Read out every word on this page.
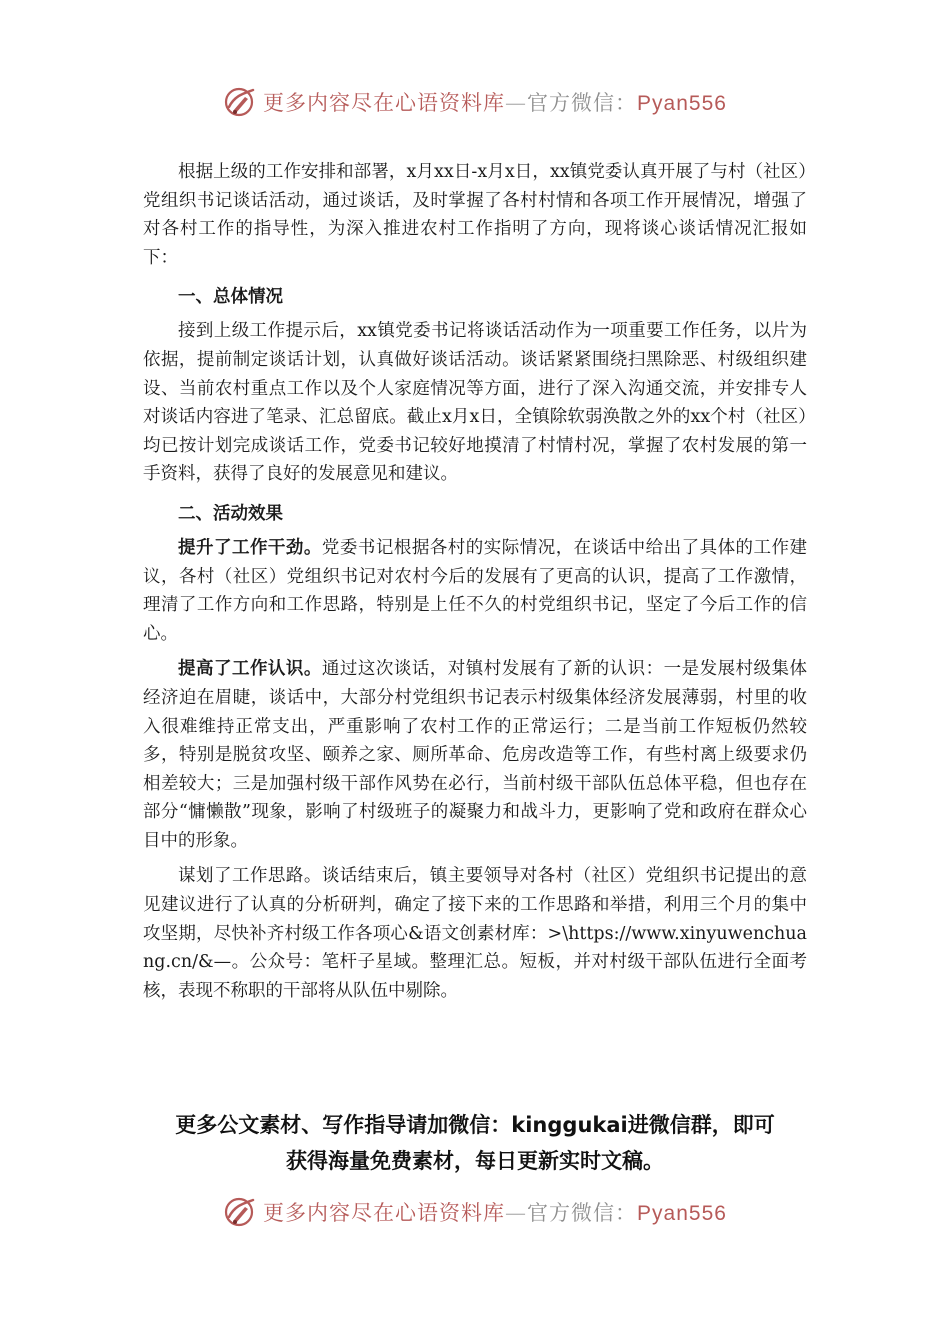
更多内容尽在心语资料库—官方微信：Pyan556

根据上级的工作安排和部署，x月xx日-x月x日，xx镇党委认真开展了与村（社区）党组织书记谈话活动，通过谈话，及时掌握了各村村情和各项工作开展情况，增强了对各村工作的指导性，为深入推进农村工作指明了方向，现将谈心谈话情况汇报如下：

一、总体情况

接到上级工作提示后，xx镇党委书记将谈话活动作为一项重要工作任务，以片为依据，提前制定谈话计划，认真做好谈话活动。谈话紧紧围绕扫黑除恶、村级组织建设、当前农村重点工作以及个人家庭情况等方面，进行了深入沟通交流，并安排专人对谈话内容进了笔录、汇总留底。截止x月x日，全镇除软弱涣散之外的xx个村（社区）均已按计划完成谈话工作，党委书记较好地摸清了村情村况，掌握了农村发展的第一手资料，获得了良好的发展意见和建议。

二、活动效果

提升了工作干劲。党委书记根据各村的实际情况，在谈话中给出了具体的工作建议，各村（社区）党组织书记对农村今后的发展有了更高的认识，提高了工作激情，理清了工作方向和工作思路，特别是上任不久的村党组织书记，坚定了今后工作的信心。

提高了工作认识。通过这次谈话，对镇村发展有了新的认识：一是发展村级集体经济迫在眉睫，谈话中，大部分村党组织书记表示村级集体经济发展薄弱，村里的收入很难维持正常支出，严重影响了农村工作的正常运行；二是当前工作短板仍然较多，特别是脱贫攻坚、颐养之家、厕所革命、危房改造等工作，有些村离上级要求仍相差较大；三是加强村级干部作风势在必行，当前村级干部队伍总体平稳，但也存在部分“慵懒散”现象，影响了村级班子的凝聚力和战斗力，更影响了党和政府在群众心目中的形象。

谋划了工作思路。谈话结束后，镇主要领导对各村（社区）党组织书记提出的意见建议进行了认真的分析研判，确定了接下来的工作思路和举措，利用三个月的集中攻坚期，尽快补齐村级工作各项心&语文创素材库：>\https://www.xinyuwenchuang.cn/&—。公众号：笔杆子星域。整理汇总。短板，并对村级干部队伍进行全面考核，表现不称职的干部将从队伍中剔除。

更多公文素材、写作指导请加微信：kinggukai进微信群，即可
获得海量免费素材，每日更新实时文稿。
更多内容尽在心语资料库—官方微信：Pyan556
